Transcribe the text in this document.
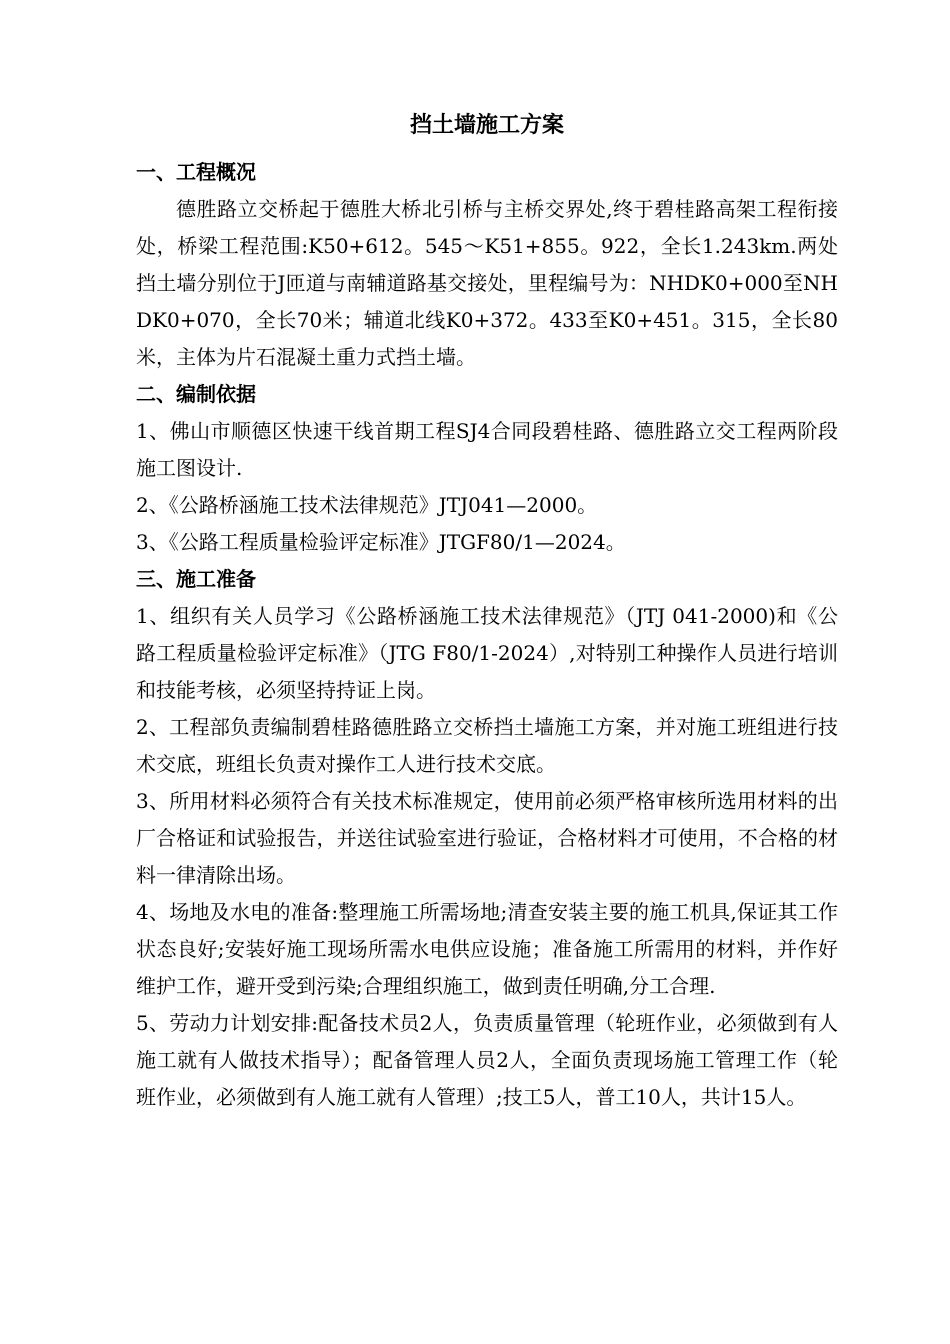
挡土墙施工方案
一、工程概况

德胜路立交桥起于德胜大桥北引桥与主桥交界处,终于碧桂路高架工程衔接处，桥梁工程范围:K50+612。545～K51+855。922，全长1.243km.两处挡土墙分别位于J匝道与南辅道路基交接处，里程编号为：NHDK0+000至NHDK0+070，全长70米；辅道北线K0+372。433至K0+451。315，全长80米，主体为片石混凝土重力式挡土墙。

二、编制依据

1、佛山市顺德区快速干线首期工程SJ4合同段碧桂路、德胜路立交工程两阶段施工图设计.

2、《公路桥涵施工技术法律规范》JTJ041—2000。

3、《公路工程质量检验评定标准》JTGF80/1—2024。

三、施工准备

1、组织有关人员学习《公路桥涵施工技术法律规范》（JTJ 041-2000)和《公路工程质量检验评定标准》（JTG F80/1-2024）,对特别工种操作人员进行培训和技能考核，必须坚持持证上岗。

2、工程部负责编制碧桂路德胜路立交桥挡土墙施工方案，并对施工班组进行技术交底，班组长负责对操作工人进行技术交底。

3、所用材料必须符合有关技术标准规定，使用前必须严格审核所选用材料的出厂合格证和试验报告，并送往试验室进行验证，合格材料才可使用，不合格的材料一律清除出场。

4、场地及水电的准备:整理施工所需场地;清查安装主要的施工机具,保证其工作状态良好;安装好施工现场所需水电供应设施；准备施工所需用的材料，并作好维护工作，避开受到污染;合理组织施工，做到责任明确,分工合理.

5、劳动力计划安排:配备技术员2人，负责质量管理（轮班作业，必须做到有人施工就有人做技术指导）；配备管理人员2人，全面负责现场施工管理工作（轮班作业，必须做到有人施工就有人管理）;技工5人，普工10人，共计15人。
